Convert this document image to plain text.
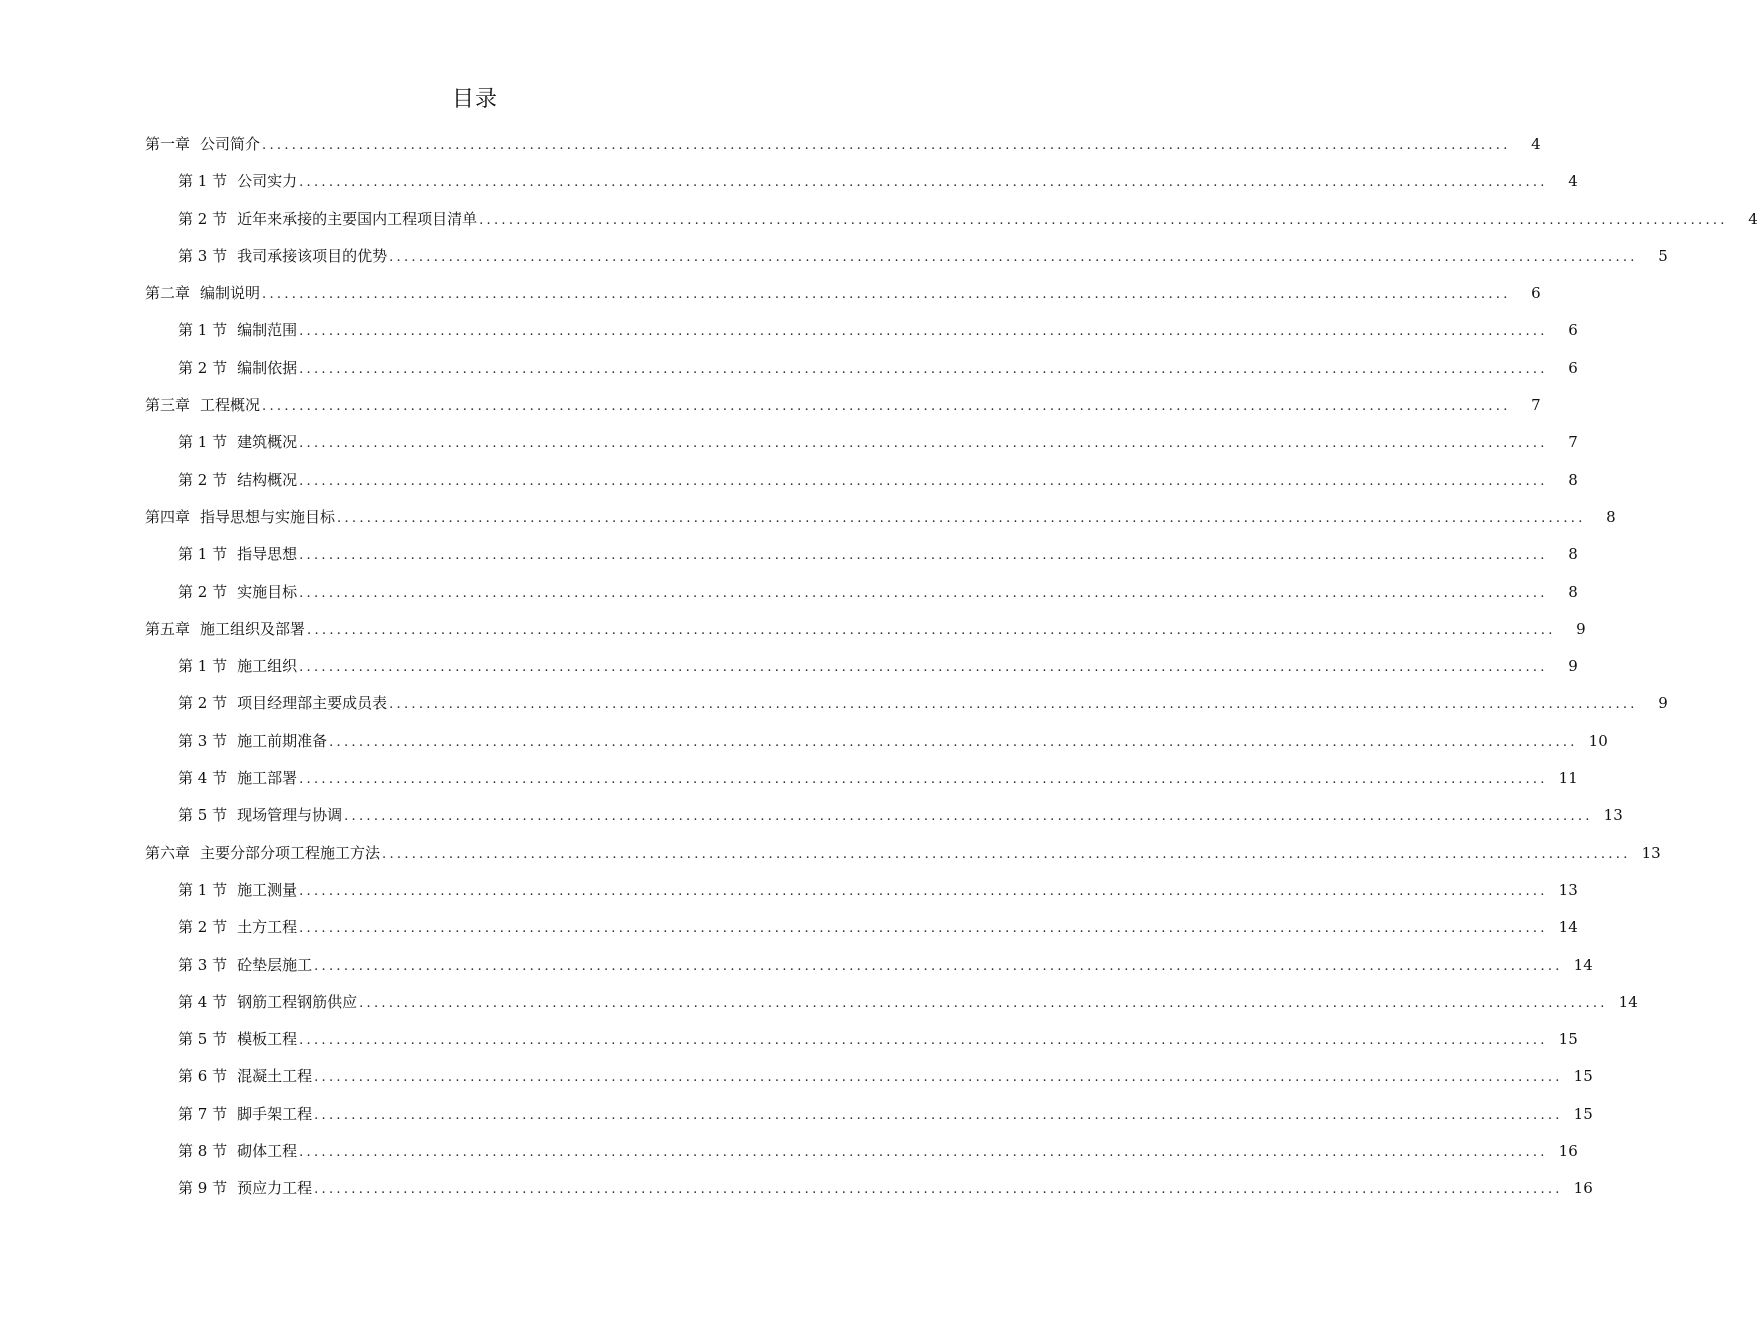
目录
第一章 公司简介 ........................................................................................................................................................................	4
第 1 节 公司实力 ........................................................................................................................................................................	4
第 2 节 近年来承接的主要国内工程项目清单 ........................................................................................................................................................................	4
第 3 节 我司承接该项目的优势 ........................................................................................................................................................................	5
第二章 编制说明 ........................................................................................................................................................................	6
第 1 节 编制范围 ........................................................................................................................................................................	6
第 2 节 编制依据 ........................................................................................................................................................................	6
第三章 工程概况 ........................................................................................................................................................................	7
第 1 节 建筑概况 ........................................................................................................................................................................	7
第 2 节 结构概况 ........................................................................................................................................................................	8
第四章 指导思想与实施目标 ........................................................................................................................................................................	8
第 1 节 指导思想 ........................................................................................................................................................................	8
第 2 节 实施目标 ........................................................................................................................................................................	8
第五章 施工组织及部署 ........................................................................................................................................................................	9
第 1 节 施工组织 ........................................................................................................................................................................	9
第 2 节 项目经理部主要成员表 ........................................................................................................................................................................	9
第 3 节 施工前期准备 ........................................................................................................................................................................ 10
第 4 节 施工部署 ........................................................................................................................................................................ 11
第 5 节 现场管理与协调 ........................................................................................................................................................................ 13
第六章 主要分部分项工程施工方法 ........................................................................................................................................................................ 13
第 1 节 施工测量 ........................................................................................................................................................................ 13
第 2 节 土方工程 ........................................................................................................................................................................ 14
第 3 节 砼垫层施工 ........................................................................................................................................................................ 14
第 4 节 钢筋工程钢筋供应 ........................................................................................................................................................................ 14
第 5 节 模板工程 ........................................................................................................................................................................ 15
第 6 节 混凝土工程 ........................................................................................................................................................................ 15
第 7 节 脚手架工程 ........................................................................................................................................................................ 15
第 8 节 砌体工程 ........................................................................................................................................................................ 16
第 9 节 预应力工程 ........................................................................................................................................................................ 16
